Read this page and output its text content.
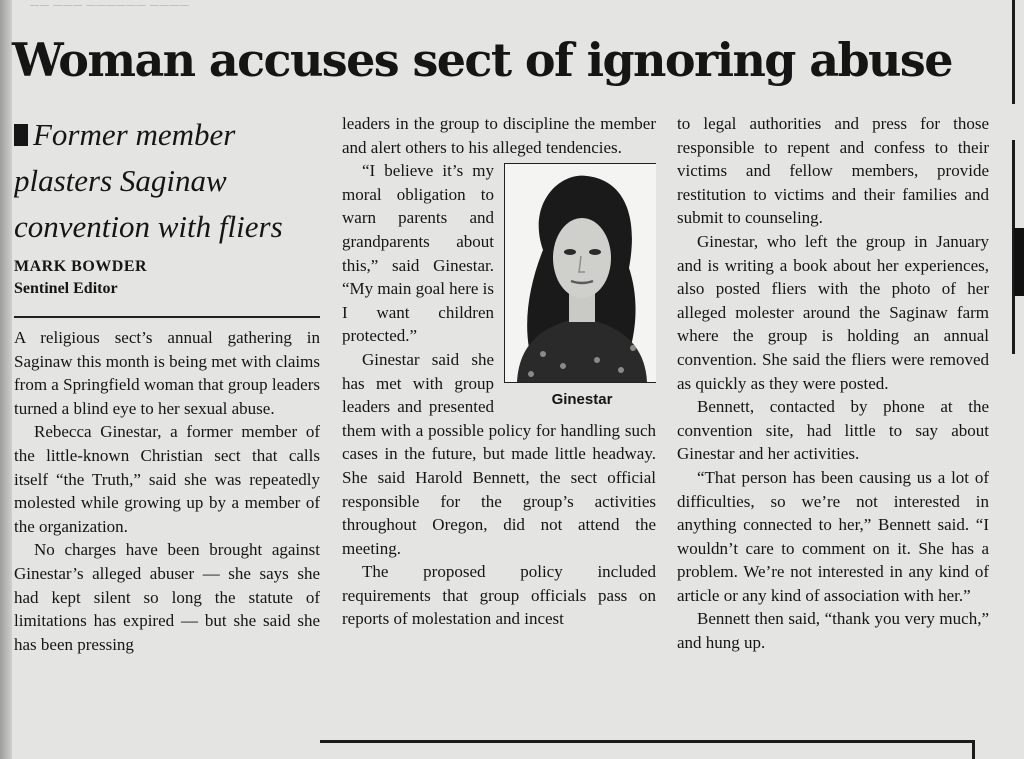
—— ——— —————— ————
Woman accuses sect of ignoring abuse
Former member plasters Saginaw convention with fliers
MARK BOWDER
Sentinel Editor

A religious sect’s annual gathering in Saginaw this month is being met with claims from a Springfield woman that group leaders turned a blind eye to her sexual abuse.

Rebecca Ginestar, a former member of the little-known Christian sect that calls itself “the Truth,” said she was repeatedly molested while growing up by a member of the organization.

No charges have been brought against Ginestar’s alleged abuser — she says she had kept silent so long the statute of limitations has expired — but she said she has been pressing

leaders in the group to discipline the member and alert others to his alleged tendencies.

Ginestar

“I believe it’s my moral obligation to warn parents and grandparents about this,” said Ginestar. “My main goal here is I want children protected.”

Ginestar said she has met with group leaders and presented them with a possible policy for handling such cases in the future, but made little headway. She said Harold Bennett, the sect official responsible for the group’s activities throughout Oregon, did not attend the meeting.

The proposed policy included requirements that group officials pass on reports of molestation and incest

to legal authorities and press for those responsible to repent and confess to their victims and fellow members, provide restitution to victims and their families and submit to counseling.

Ginestar, who left the group in January and is writing a book about her experiences, also posted fliers with the photo of her alleged molester around the Saginaw farm where the group is holding an annual convention. She said the fliers were removed as quickly as they were posted.

Bennett, contacted by phone at the convention site, had little to say about Ginestar and her activities.

“That person has been causing us a lot of difficulties, so we’re not interested in anything connected to her,” Bennett said. “I wouldn’t care to comment on it. She has a problem. We’re not interested in any kind of article or any kind of association with her.”

Bennett then said, “thank you very much,” and hung up.
